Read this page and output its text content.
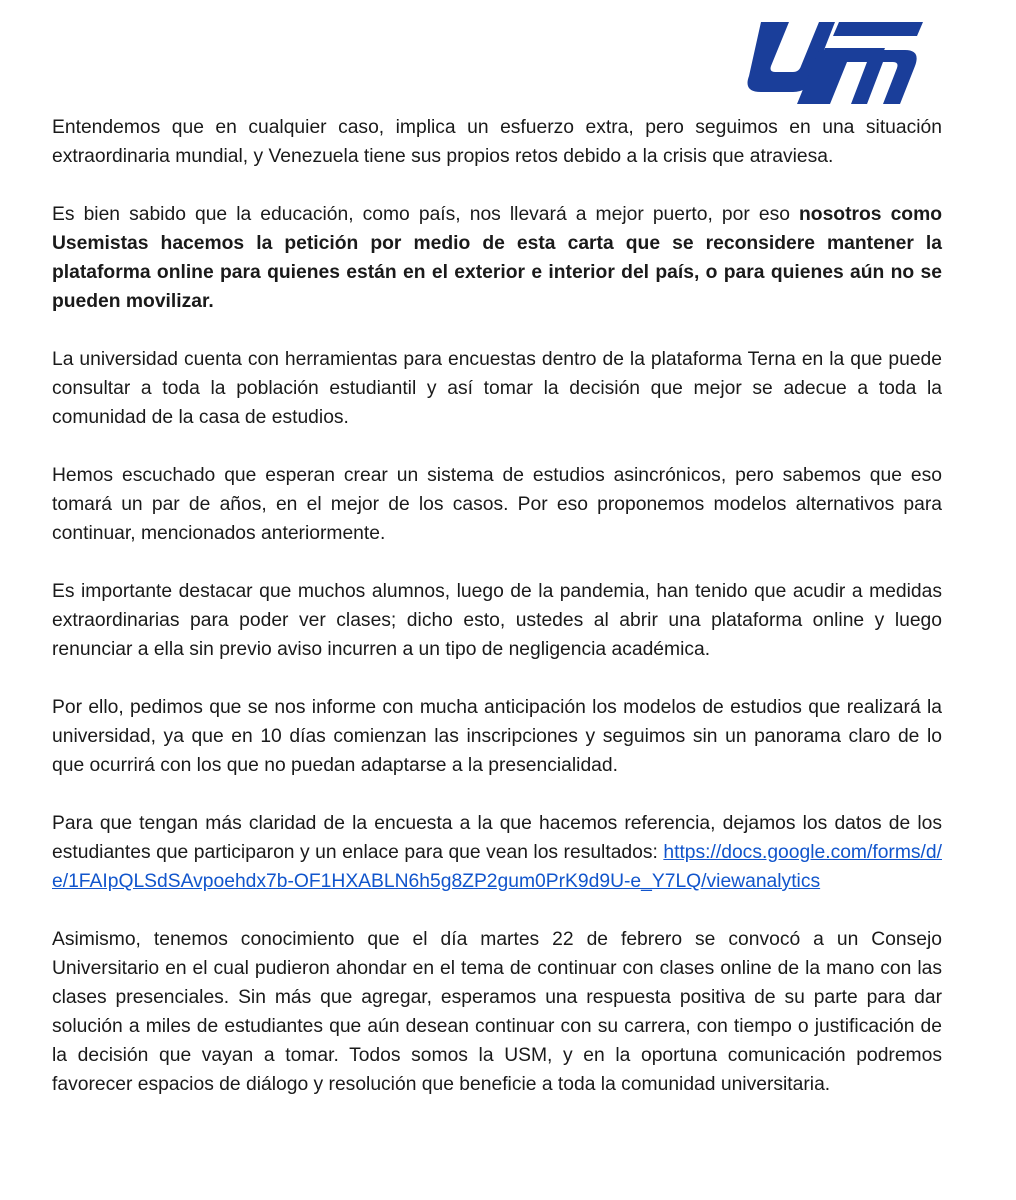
Entendemos que en cualquier caso, implica un esfuerzo extra, pero seguimos en una situación extraordinaria mundial, y Venezuela tiene sus propios retos debido a la crisis que atraviesa.

Es bien sabido que la educación, como país, nos llevará a mejor puerto, por eso nosotros como Usemistas hacemos la petición por medio de esta carta que se reconsidere mantener la plataforma online para quienes están en el exterior e interior del país, o para quienes aún no se pueden movilizar.

La universidad cuenta con herramientas para encuestas dentro de la plataforma Terna en la que puede consultar a toda la población estudiantil y así tomar la decisión que mejor se adecue a toda la comunidad de la casa de estudios.

Hemos escuchado que esperan crear un sistema de estudios asincrónicos, pero sabemos que eso tomará un par de años, en el mejor de los casos. Por eso proponemos modelos alternativos para continuar, mencionados anteriormente.

Es importante destacar que muchos alumnos, luego de la pandemia, han tenido que acudir a medidas extraordinarias para poder ver clases; dicho esto, ustedes al abrir una plataforma online y luego renunciar a ella sin previo aviso incurren a un tipo de negligencia académica.

Por ello, pedimos que se nos informe con mucha anticipación los modelos de estudios que realizará la universidad, ya que en 10 días comienzan las inscripciones y seguimos sin un panorama claro de lo que ocurrirá con los que no puedan adaptarse a la presencialidad.

Para que tengan más claridad de la encuesta a la que hacemos referencia, dejamos los datos de los estudiantes que participaron y un enlace para que vean los resultados: https://docs.google.com/forms/d/e/1FAIpQLSdSAvpoehdx7b-OF1HXABLN6h5g8ZP2gum0PrK9d9U-e_Y7LQ/viewanalytics

Asimismo, tenemos conocimiento que el día martes 22 de febrero se convocó a un Consejo Universitario en el cual pudieron ahondar en el tema de continuar con clases online de la mano con las clases presenciales. Sin más que agregar, esperamos una respuesta positiva de su parte para dar solución a miles de estudiantes que aún desean continuar con su carrera, con tiempo o justificación de la decisión que vayan a tomar. Todos somos la USM, y en la oportuna comunicación podremos favorecer espacios de diálogo y resolución que beneficie a toda la comunidad universitaria.
